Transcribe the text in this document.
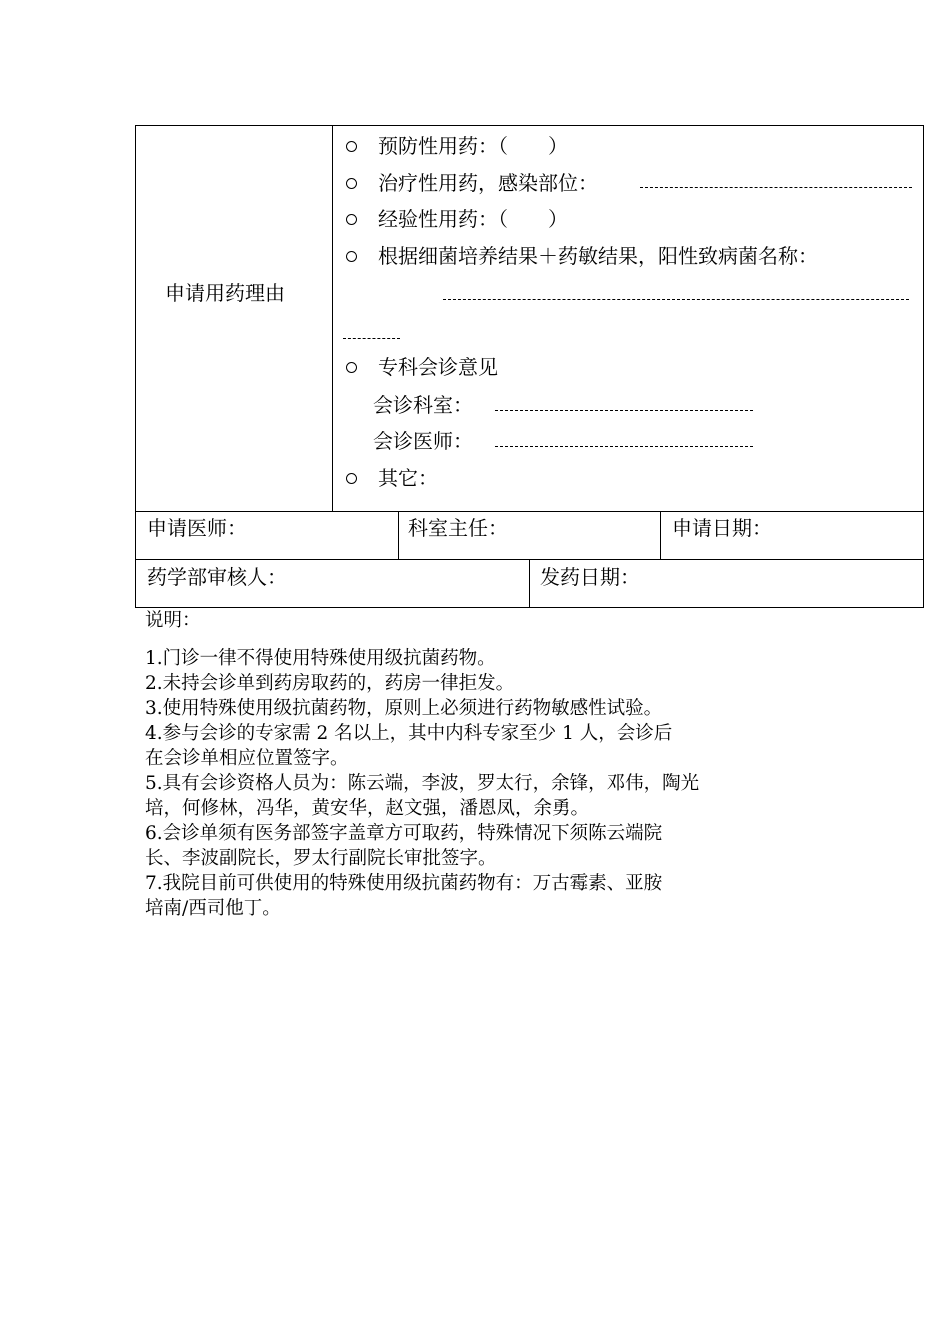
申请用药理由
预防性用药：（　　）
治疗性用药，感染部位：
经验性用药：（　　）
根据细菌培养结果＋药敏结果，阳性致病菌名称：
专科会诊意见
会诊科室：
会诊医师：
其它：
申请医师：	科室主任：	申请日期：
药学部审核人：	发药日期：
说明：
1.门诊一律不得使用特殊使用级抗菌药物。
2.未持会诊单到药房取药的，药房一律拒发。
3.使用特殊使用级抗菌药物，原则上必须进行药物敏感性试验。
4.参与会诊的专家需 2 名以上，其中内科专家至少 1 人，会诊后
在会诊单相应位置签字。
5.具有会诊资格人员为：陈云端，李波，罗太行，余锋，邓伟，陶光
培，何修林，冯华，黄安华，赵文强，潘恩凤，余勇。
6.会诊单须有医务部签字盖章方可取药，特殊情况下须陈云端院
长、李波副院长，罗太行副院长审批签字。
7.我院目前可供使用的特殊使用级抗菌药物有：万古霉素、亚胺
培南/西司他丁。
